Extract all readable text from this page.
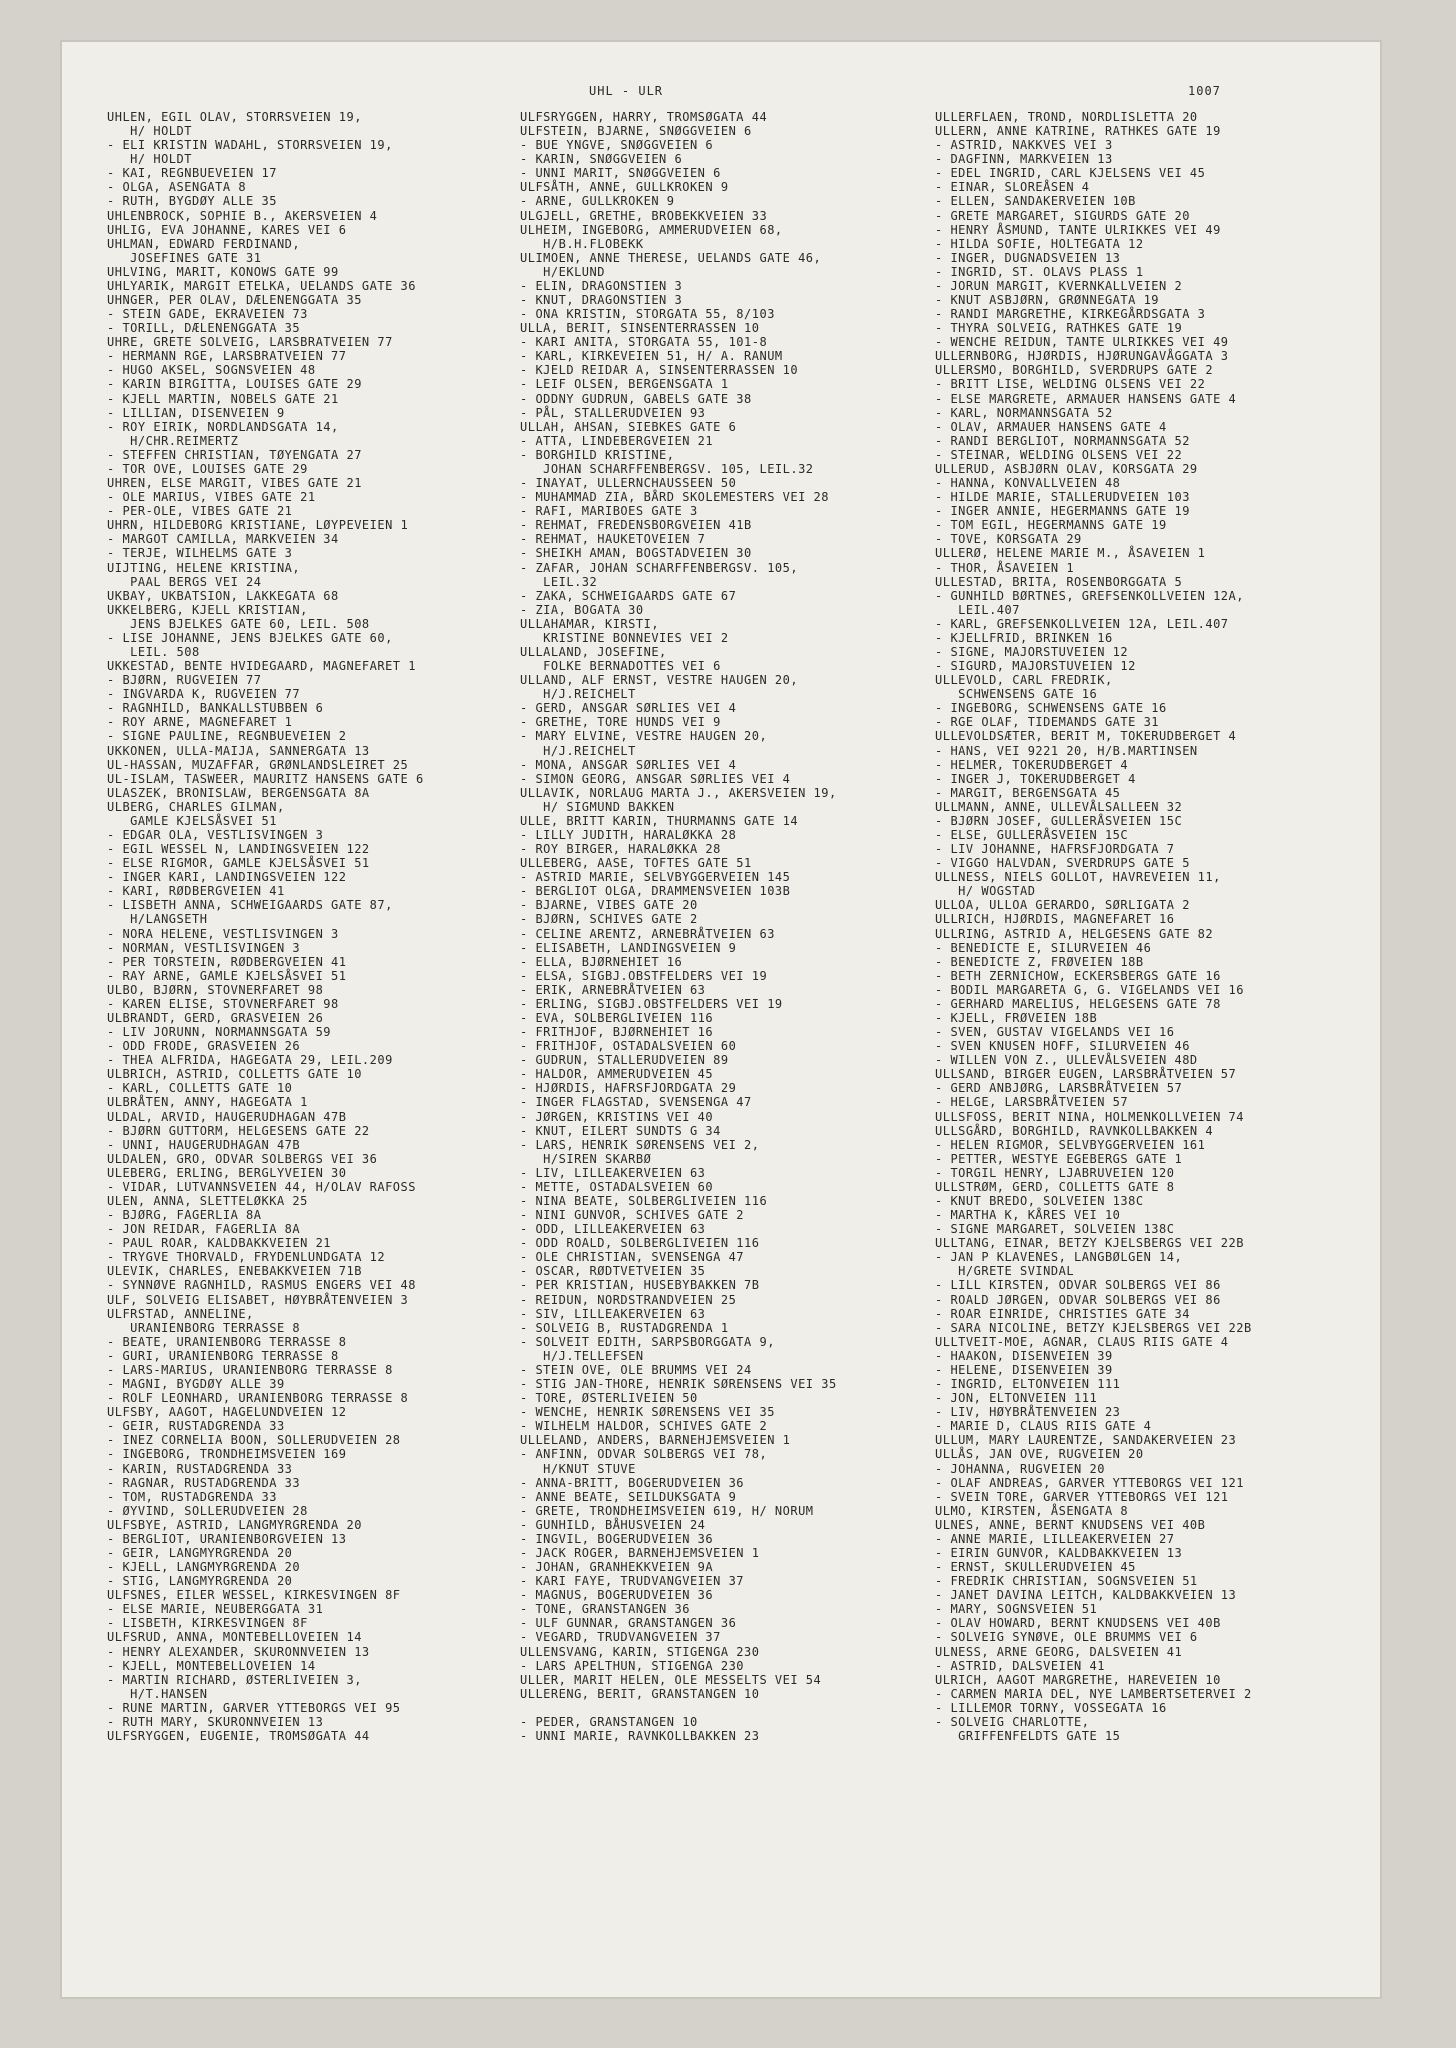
UHL - ULR	1007
UHLEN, EGIL OLAV, STORRSVEIEN 19,
H/ HOLDT
- ELI KRISTIN WADAHL, STORRSVEIEN 19,
H/ HOLDT
- KAI, REGNBUEVEIEN 17
- OLGA, ASENGATA 8
- RUTH, BYGDØY ALLE 35
UHLENBROCK, SOPHIE B., AKERSVEIEN 4
UHLIG, EVA JOHANNE, KARES VEI 6
UHLMAN, EDWARD FERDINAND,
JOSEFINES GATE 31
UHLVING, MARIT, KONOWS GATE 99
UHLYARIK, MARGIT ETELKA, UELANDS GATE 36
UHNGER, PER OLAV, DÆLENENGGATA 35
- STEIN GADE, EKRAVEIEN 73
- TORILL, DÆLENENGGATA 35
UHRE, GRETE SOLVEIG, LARSBRATVEIEN 77
- HERMANN RGE, LARSBRATVEIEN 77
- HUGO AKSEL, SOGNSVEIEN 48
- KARIN BIRGITTA, LOUISES GATE 29
- KJELL MARTIN, NOBELS GATE 21
- LILLIAN, DISENVEIEN 9
- ROY EIRIK, NORDLANDSGATA 14,
H/CHR.REIMERTZ
- STEFFEN CHRISTIAN, TØYENGATA 27
- TOR OVE, LOUISES GATE 29
UHREN, ELSE MARGIT, VIBES GATE 21
- OLE MARIUS, VIBES GATE 21
- PER-OLE, VIBES GATE 21
UHRN, HILDEBORG KRISTIANE, LØYPEVEIEN 1
- MARGOT CAMILLA, MARKVEIEN 34
- TERJE, WILHELMS GATE 3
UIJTING, HELENE KRISTINA,
PAAL BERGS VEI 24
UKBAY, UKBATSION, LAKKEGATA 68
UKKELBERG, KJELL KRISTIAN,
JENS BJELKES GATE 60, LEIL. 508
- LISE JOHANNE, JENS BJELKES GATE 60,
LEIL. 508
UKKESTAD, BENTE HVIDEGAARD, MAGNEFARET 1
- BJØRN, RUGVEIEN 77
- INGVARDA K, RUGVEIEN 77
- RAGNHILD, BANKALLSTUBBEN 6
- ROY ARNE, MAGNEFARET 1
- SIGNE PAULINE, REGNBUEVEIEN 2
UKKONEN, ULLA-MAIJA, SANNERGATA 13
UL-HASSAN, MUZAFFAR, GRØNLANDSLEIRET 25
UL-ISLAM, TASWEER, MAURITZ HANSENS GATE 6
ULASZEK, BRONISLAW, BERGENSGATA 8A
ULBERG, CHARLES GILMAN,
GAMLE KJELSÅSVEI 51
- EDGAR OLA, VESTLISVINGEN 3
- EGIL WESSEL N, LANDINGSVEIEN 122
- ELSE RIGMOR, GAMLE KJELSÅSVEI 51
- INGER KARI, LANDINGSVEIEN 122
- KARI, RØDBERGVEIEN 41
- LISBETH ANNA, SCHWEIGAARDS GATE 87,
H/LANGSETH
- NORA HELENE, VESTLISVINGEN 3
- NORMAN, VESTLISVINGEN 3
- PER TORSTEIN, RØDBERGVEIEN 41
- RAY ARNE, GAMLE KJELSÅSVEI 51
ULBO, BJØRN, STOVNERFARET 98
- KAREN ELISE, STOVNERFARET 98
ULBRANDT, GERD, GRASVEIEN 26
- LIV JORUNN, NORMANNSGATA 59
- ODD FRODE, GRASVEIEN 26
- THEA ALFRIDA, HAGEGATA 29, LEIL.209
ULBRICH, ASTRID, COLLETTS GATE 10
- KARL, COLLETTS GATE 10
ULBRÅTEN, ANNY, HAGEGATA 1
ULDAL, ARVID, HAUGERUDHAGAN 47B
- BJØRN GUTTORM, HELGESENS GATE 22
- UNNI, HAUGERUDHAGAN 47B
ULDALEN, GRO, ODVAR SOLBERGS VEI 36
ULEBERG, ERLING, BERGLYVEIEN 30
- VIDAR, LUTVANNSVEIEN 44, H/OLAV RAFOSS
ULEN, ANNA, SLETTELØKKA 25
- BJØRG, FAGERLIA 8A
- JON REIDAR, FAGERLIA 8A
- PAUL ROAR, KALDBAKKVEIEN 21
- TRYGVE THORVALD, FRYDENLUNDGATA 12
ULEVIK, CHARLES, ENEBAKKVEIEN 71B
- SYNNØVE RAGNHILD, RASMUS ENGERS VEI 48
ULF, SOLVEIG ELISABET, HØYBRÅTENVEIEN 3
ULFRSTAD, ANNELINE,
URANIENBORG TERRASSE 8
- BEATE, URANIENBORG TERRASSE 8
- GURI, URANIENBORG TERRASSE 8
- LARS-MARIUS, URANIENBORG TERRASSE 8
- MAGNI, BYGDØY ALLE 39
- ROLF LEONHARD, URANIENBORG TERRASSE 8
ULFSBY, AAGOT, HAGELUNDVEIEN 12
- GEIR, RUSTADGRENDA 33
- INEZ CORNELIA BOON, SOLLERUDVEIEN 28
- INGEBORG, TRONDHEIMSVEIEN 169
- KARIN, RUSTADGRENDA 33
- RAGNAR, RUSTADGRENDA 33
- TOM, RUSTADGRENDA 33
- ØYVIND, SOLLERUDVEIEN 28
ULFSBYE, ASTRID, LANGMYRGRENDA 20
- BERGLIOT, URANIENBORGVEIEN 13
- GEIR, LANGMYRGRENDA 20
- KJELL, LANGMYRGRENDA 20
- STIG, LANGMYRGRENDA 20
ULFSNES, EILER WESSEL, KIRKESVINGEN 8F
- ELSE MARIE, NEUBERGGATA 31
- LISBETH, KIRKESVINGEN 8F
ULFSRUD, ANNA, MONTEBELLOVEIEN 14
- HENRY ALEXANDER, SKURONNVEIEN 13
- KJELL, MONTEBELLOVEIEN 14
- MARTIN RICHARD, ØSTERLIVEIEN 3,
H/T.HANSEN
- RUNE MARTIN, GARVER YTTEBORGS VEI 95
- RUTH MARY, SKURONNVEIEN 13
ULFSRYGGEN, EUGENIE, TROMSØGATA 44
ULFSRYGGEN, HARRY, TROMSØGATA 44
ULFSTEIN, BJARNE, SNØGGVEIEN 6
- BUE YNGVE, SNØGGVEIEN 6
- KARIN, SNØGGVEIEN 6
- UNNI MARIT, SNØGGVEIEN 6
ULFSÅTH, ANNE, GULLKROKEN 9
- ARNE, GULLKROKEN 9
ULGJELL, GRETHE, BROBEKKVEIEN 33
ULHEIM, INGEBORG, AMMERUDVEIEN 68,
H/B.H.FLOBEKK
ULIMOEN, ANNE THERESE, UELANDS GATE 46,
H/EKLUND
- ELIN, DRAGONSTIEN 3
- KNUT, DRAGONSTIEN 3
- ONA KRISTIN, STORGATA 55, 8/103
ULLA, BERIT, SINSENTERRASSEN 10
- KARI ANITA, STORGATA 55, 101-8
- KARL, KIRKEVEIEN 51, H/ A. RANUM
- KJELD REIDAR A, SINSENTERRASSEN 10
- LEIF OLSEN, BERGENSGATA 1
- ODDNY GUDRUN, GABELS GATE 38
- PÅL, STALLERUDVEIEN 93
ULLAH, AHSAN, SIEBKES GATE 6
- ATTA, LINDEBERGVEIEN 21
- BORGHILD KRISTINE,
JOHAN SCHARFFENBERGSV. 105, LEIL.32
- INAYAT, ULLERNCHAUSSEEN 50
- MUHAMMAD ZIA, BÅRD SKOLEMESTERS VEI 28
- RAFI, MARIBOES GATE 3
- REHMAT, FREDENSBORGVEIEN 41B
- REHMAT, HAUKETOVEIEN 7
- SHEIKH AMAN, BOGSTADVEIEN 30
- ZAFAR, JOHAN SCHARFFENBERGSV. 105,
LEIL.32
- ZAKA, SCHWEIGAARDS GATE 67
- ZIA, BOGATA 30
ULLAHAMAR, KIRSTI,
KRISTINE BONNEVIES VEI 2
ULLALAND, JOSEFINE,
FOLKE BERNADOTTES VEI 6
ULLAND, ALF ERNST, VESTRE HAUGEN 20,
H/J.REICHELT
- GERD, ANSGAR SØRLIES VEI 4
- GRETHE, TORE HUNDS VEI 9
- MARY ELVINE, VESTRE HAUGEN 20,
H/J.REICHELT
- MONA, ANSGAR SØRLIES VEI 4
- SIMON GEORG, ANSGAR SØRLIES VEI 4
ULLAVIK, NORLAUG MARTA J., AKERSVEIEN 19,
H/ SIGMUND BAKKEN
ULLE, BRITT KARIN, THURMANNS GATE 14
- LILLY JUDITH, HARALØKKA 28
- ROY BIRGER, HARALØKKA 28
ULLEBERG, AASE, TOFTES GATE 51
- ASTRID MARIE, SELVBYGGERVEIEN 145
- BERGLIOT OLGA, DRAMMENSVEIEN 103B
- BJARNE, VIBES GATE 20
- BJØRN, SCHIVES GATE 2
- CELINE ARENTZ, ARNEBRÅTVEIEN 63
- ELISABETH, LANDINGSVEIEN 9
- ELLA, BJØRNEHIET 16
- ELSA, SIGBJ.OBSTFELDERS VEI 19
- ERIK, ARNEBRÅTVEIEN 63
- ERLING, SIGBJ.OBSTFELDERS VEI 19
- EVA, SOLBERGLIVEIEN 116
- FRITHJOF, BJØRNEHIET 16
- FRITHJOF, OSTADALSVEIEN 60
- GUDRUN, STALLERUDVEIEN 89
- HALDOR, AMMERUDVEIEN 45
- HJØRDIS, HAFRSFJORDGATA 29
- INGER FLAGSTAD, SVENSENGA 47
- JØRGEN, KRISTINS VEI 40
- KNUT, EILERT SUNDTS G 34
- LARS, HENRIK SØRENSENS VEI 2,
H/SIREN SKARBØ
- LIV, LILLEAKERVEIEN 63
- METTE, OSTADALSVEIEN 60
- NINA BEATE, SOLBERGLIVEIEN 116
- NINI GUNVOR, SCHIVES GATE 2
- ODD, LILLEAKERVEIEN 63
- ODD ROALD, SOLBERGLIVEIEN 116
- OLE CHRISTIAN, SVENSENGA 47
- OSCAR, RØDTVETVEIEN 35
- PER KRISTIAN, HUSEBYBAKKEN 7B
- REIDUN, NORDSTRANDVEIEN 25
- SIV, LILLEAKERVEIEN 63
- SOLVEIG B, RUSTADGRENDA 1
- SOLVEIT EDITH, SARPSBORGGATA 9,
H/J.TELLEFSEN
- STEIN OVE, OLE BRUMMS VEI 24
- STIG JAN-THORE, HENRIK SØRENSENS VEI 35
- TORE, ØSTERLIVEIEN 50
- WENCHE, HENRIK SØRENSENS VEI 35
- WILHELM HALDOR, SCHIVES GATE 2
ULLELAND, ANDERS, BARNEHJEMSVEIEN 1
- ANFINN, ODVAR SOLBERGS VEI 78,
H/KNUT STUVE
- ANNA-BRITT, BOGERUDVEIEN 36
- ANNE BEATE, SEILDUKSGATA 9
- GRETE, TRONDHEIMSVEIEN 619, H/ NORUM
- GUNHILD, BÅHUSVEIEN 24
- INGVIL, BOGERUDVEIEN 36
- JACK ROGER, BARNEHJEMSVEIEN 1
- JOHAN, GRANHEKKVEIEN 9A
- KARI FAYE, TRUDVANGVEIEN 37
- MAGNUS, BOGERUDVEIEN 36
- TONE, GRANSTANGEN 36
- ULF GUNNAR, GRANSTANGEN 36
- VEGARD, TRUDVANGVEIEN 37
ULLENSVANG, KARIN, STIGENGA 230
- LARS APELTHUN, STIGENGA 230
ULLER, MARIT HELEN, OLE MESSELTS VEI 54
ULLERENG, BERIT, GRANSTANGEN 10
- PEDER, GRANSTANGEN 10
- UNNI MARIE, RAVNKOLLBAKKEN 23
ULLERFLAEN, TROND, NORDLISLETTA 20
ULLERN, ANNE KATRINE, RATHKES GATE 19
- ASTRID, NAKKVES VEI 3
- DAGFINN, MARKVEIEN 13
- EDEL INGRID, CARL KJELSENS VEI 45
- EINAR, SLOREÅSEN 4
- ELLEN, SANDAKERVEIEN 10B
- GRETE MARGARET, SIGURDS GATE 20
- HENRY ÅSMUND, TANTE ULRIKKES VEI 49
- HILDA SOFIE, HOLTEGATA 12
- INGER, DUGNADSVEIEN 13
- INGRID, ST. OLAVS PLASS 1
- JORUN MARGIT, KVERNKALLVEIEN 2
- KNUT ASBJØRN, GRØNNEGATA 19
- RANDI MARGRETHE, KIRKEGÅRDSGATA 3
- THYRA SOLVEIG, RATHKES GATE 19
- WENCHE REIDUN, TANTE ULRIKKES VEI 49
ULLERNBORG, HJØRDIS, HJØRUNGAVÅGGATA 3
ULLERSMO, BORGHILD, SVERDRUPS GATE 2
- BRITT LISE, WELDING OLSENS VEI 22
- ELSE MARGRETE, ARMAUER HANSENS GATE 4
- KARL, NORMANNSGATA 52
- OLAV, ARMAUER HANSENS GATE 4
- RANDI BERGLIOT, NORMANNSGATA 52
- STEINAR, WELDING OLSENS VEI 22
ULLERUD, ASBJØRN OLAV, KORSGATA 29
- HANNA, KONVALLVEIEN 48
- HILDE MARIE, STALLERUDVEIEN 103
- INGER ANNIE, HEGERMANNS GATE 19
- TOM EGIL, HEGERMANNS GATE 19
- TOVE, KORSGATA 29
ULLERØ, HELENE MARIE M., ÅSAVEIEN 1
- THOR, ÅSAVEIEN 1
ULLESTAD, BRITA, ROSENBORGGATA 5
- GUNHILD BØRTNES, GREFSENKOLLVEIEN 12A,
LEIL.407
- KARL, GREFSENKOLLVEIEN 12A, LEIL.407
- KJELLFRID, BRINKEN 16
- SIGNE, MAJORSTUVEIEN 12
- SIGURD, MAJORSTUVEIEN 12
ULLEVOLD, CARL FREDRIK,
SCHWENSENS GATE 16
- INGEBORG, SCHWENSENS GATE 16
- RGE OLAF, TIDEMANDS GATE 31
ULLEVOLDSÆTER, BERIT M, TOKERUDBERGET 4
- HANS, VEI 9221 20, H/B.MARTINSEN
- HELMER, TOKERUDBERGET 4
- INGER J, TOKERUDBERGET 4
- MARGIT, BERGENSGATA 45
ULLMANN, ANNE, ULLEVÅLSALLEEN 32
- BJØRN JOSEF, GULLERÅSVEIEN 15C
- ELSE, GULLERÅSVEIEN 15C
- LIV JOHANNE, HAFRSFJORDGATA 7
- VIGGO HALVDAN, SVERDRUPS GATE 5
ULLNESS, NIELS GOLLOT, HAVREVEIEN 11,
H/ WOGSTAD
ULLOA, ULLOA GERARDO, SØRLIGATA 2
ULLRICH, HJØRDIS, MAGNEFARET 16
ULLRING, ASTRID A, HELGESENS GATE 82
- BENEDICTE E, SILURVEIEN 46
- BENEDICTE Z, FRØVEIEN 18B
- BETH ZERNICHOW, ECKERSBERGS GATE 16
- BODIL MARGARETA G, G. VIGELANDS VEI 16
- GERHARD MARELIUS, HELGESENS GATE 78
- KJELL, FRØVEIEN 18B
- SVEN, GUSTAV VIGELANDS VEI 16
- SVEN KNUSEN HOFF, SILURVEIEN 46
- WILLEN VON Z., ULLEVÅLSVEIEN 48D
ULLSAND, BIRGER EUGEN, LARSBRÅTVEIEN 57
- GERD ANBJØRG, LARSBRÅTVEIEN 57
- HELGE, LARSBRÅTVEIEN 57
ULLSFOSS, BERIT NINA, HOLMENKOLLVEIEN 74
ULLSGÅRD, BORGHILD, RAVNKOLLBAKKEN 4
- HELEN RIGMOR, SELVBYGGERVEIEN 161
- PETTER, WESTYE EGEBERGS GATE 1
- TORGIL HENRY, LJABRUVEIEN 120
ULLSTRØM, GERD, COLLETTS GATE 8
- KNUT BREDO, SOLVEIEN 138C
- MARTHA K, KÅRES VEI 10
- SIGNE MARGARET, SOLVEIEN 138C
ULLTANG, EINAR, BETZY KJELSBERGS VEI 22B
- JAN P KLAVENES, LANGBØLGEN 14,
H/GRETE SVINDAL
- LILL KIRSTEN, ODVAR SOLBERGS VEI 86
- ROALD JØRGEN, ODVAR SOLBERGS VEI 86
- ROAR EINRIDE, CHRISTIES GATE 34
- SARA NICOLINE, BETZY KJELSBERGS VEI 22B
ULLTVEIT-MOE, AGNAR, CLAUS RIIS GATE 4
- HAAKON, DISENVEIEN 39
- HELENE, DISENVEIEN 39
- INGRID, ELTONVEIEN 111
- JON, ELTONVEIEN 111
- LIV, HØYBRÅTENVEIEN 23
- MARIE D, CLAUS RIIS GATE 4
ULLUM, MARY LAURENTZE, SANDAKERVEIEN 23
ULLÅS, JAN OVE, RUGVEIEN 20
- JOHANNA, RUGVEIEN 20
- OLAF ANDREAS, GARVER YTTEBORGS VEI 121
- SVEIN TORE, GARVER YTTEBORGS VEI 121
ULMO, KIRSTEN, ÅSENGATA 8
ULNES, ANNE, BERNT KNUDSENS VEI 40B
- ANNE MARIE, LILLEAKERVEIEN 27
- EIRIN GUNVOR, KALDBAKKVEIEN 13
- ERNST, SKULLERUDVEIEN 45
- FREDRIK CHRISTIAN, SOGNSVEIEN 51
- JANET DAVINA LEITCH, KALDBAKKVEIEN 13
- MARY, SOGNSVEIEN 51
- OLAV HOWARD, BERNT KNUDSENS VEI 40B
- SOLVEIG SYNØVE, OLE BRUMMS VEI 6
ULNESS, ARNE GEORG, DALSVEIEN 41
- ASTRID, DALSVEIEN 41
ULRICH, AAGOT MARGRETHE, HAREVEIEN 10
- CARMEN MARIA DEL, NYE LAMBERTSETERVEI 2
- LILLEMOR TORNY, VOSSEGATA 16
- SOLVEIG CHARLOTTE,
GRIFFENFELDTS GATE 15
